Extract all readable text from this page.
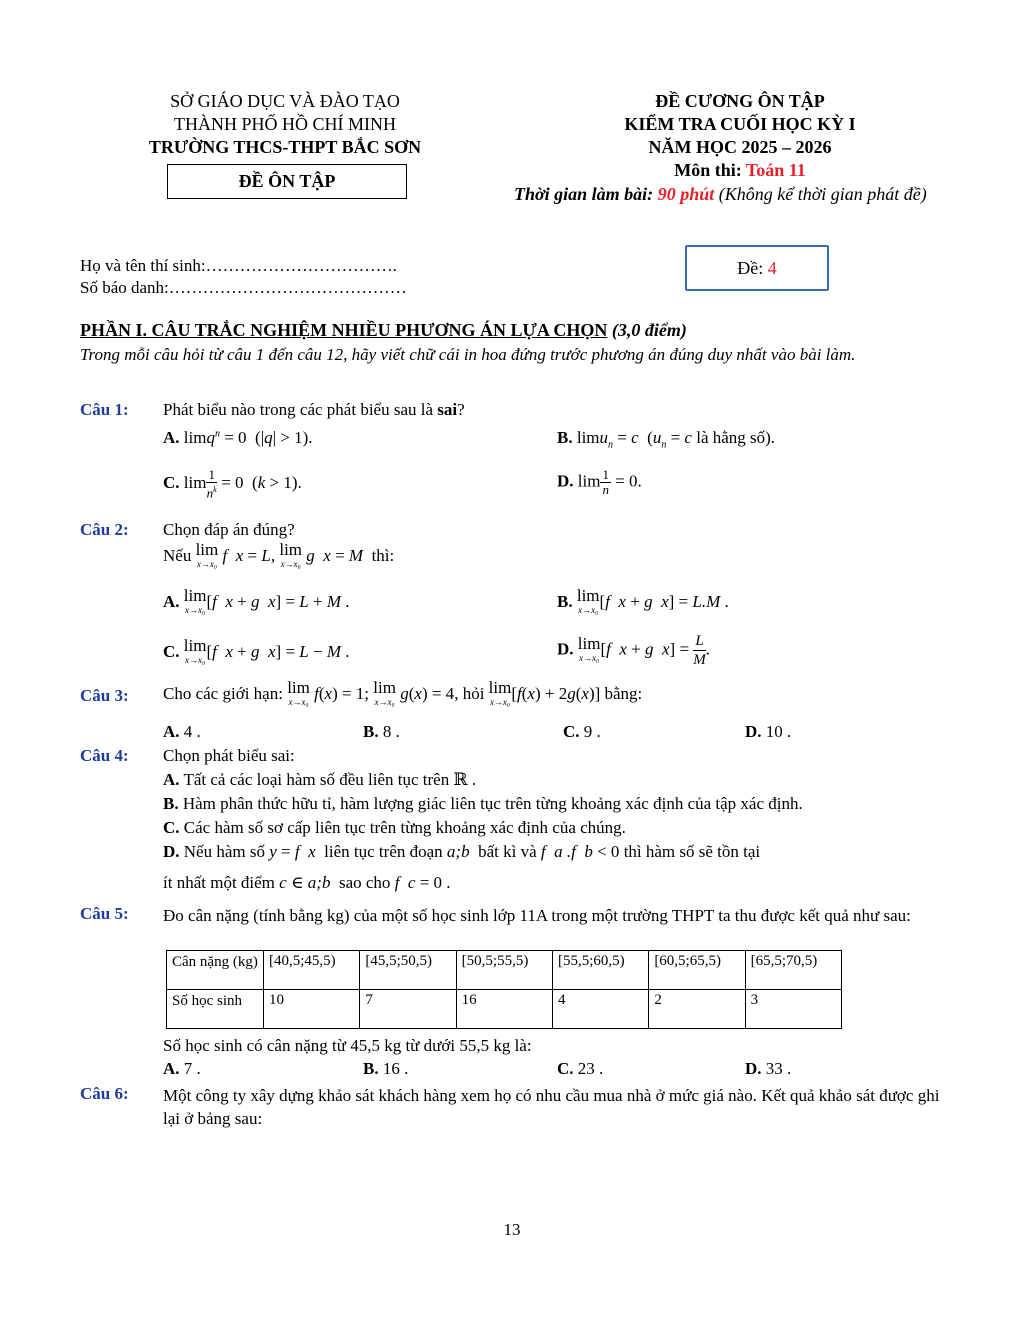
SỞ GIÁO DỤC VÀ ĐÀO TẠO
THÀNH PHỐ HỒ CHÍ MINH
TRƯỜNG THCS-THPT BẮC SƠN
ĐỀ ÔN TẬP
ĐỀ CƯƠNG ÔN TẬP
KIỂM TRA CUỐI HỌC KỲ I
NĂM HỌC 2025 – 2026
Môn thi: Toán 11
Thời gian làm bài: 90 phút (Không kể thời gian phát đề)
Họ và tên thí sinh:…………………………….
Số báo danh:……………………………………
Đề: 4
PHẦN I. CÂU TRẮC NGHIỆM NHIỀU PHƯƠNG ÁN LỰA CHỌN (3,0 điểm)
Trong mỗi câu hỏi từ câu 1 đến câu 12, hãy viết chữ cái in hoa đứng trước phương án đúng duy nhất vào bài làm.
Câu 1: Phát biểu nào trong các phát biểu sau là sai?
A. limq$^n$ = 0  (|q| > 1).	B. limu$_n$ = c  ($u_n = c$ là hằng số).
C. $\lim \frac{1}{n^k} = 0$  (k > 1).	D. $\lim \frac{1}{n} = 0$.
Câu 2: Chọn đáp án đúng?
Nếu lim
x→x₀ f  x = L, lim
x→x₀ g  x = M thì:
A. lim
x→x₀[f  x + g  x] = L + M .	B. lim
x→x₀[f  x + g  x] = L.M .
C. lim
x→x₀[f  x + g  x] = L − M .	D. lim
x→x₀[f  x + g  $x] = \frac{L}{M}$ .
Câu 3: Cho các giới hạn: lim
x→x₀ f(x) = 1; lim
x→x₀ g(x) = 4, hỏi lim
x→x₀[f(x) + 2g(x)] bằng:
A. 4 .	B. 8 .	C. 9 .	D. 10 .
Câu 4: Chọn phát biểu sai:
A. Tất cả các loại hàm số đều liên tục trên ℝ .
B. Hàm phân thức hữu tỉ, hàm lượng giác liên tục trên từng khoảng xác định của tập xác định.
C. Các hàm số sơ cấp liên tục trên từng khoảng xác định của chúng.
D. Nếu hàm số y = f  x liên tục trên đoạn a;b bất kì và f  a .f  b < 0 thì hàm số sẽ tồn tại
ít nhất một điểm c ∈ a;b sao cho f  c = 0 .
Câu 5: Đo cân nặng (tính bằng kg) của một số học sinh lớp 11A trong một trường THPT ta thu được kết quả như sau:
Cân nặng (kg)	[40,5;45,5)	[45,5;50,5)	[50,5;55,5)	[55,5;60,5)	[60,5;65,5)	[65,5;70,5)
Số học sinh	10	7	16	4	2	3
Số học sinh có cân nặng từ 45,5 kg từ dưới 55,5 kg là:
A. 7 .	B. 16 .	C. 23 .	D. 33 .
Câu 6: Một công ty xây dựng khảo sát khách hàng xem họ có nhu cầu mua nhà ở mức giá nào. Kết quả khảo sát được ghi lại ở bảng sau:
13
